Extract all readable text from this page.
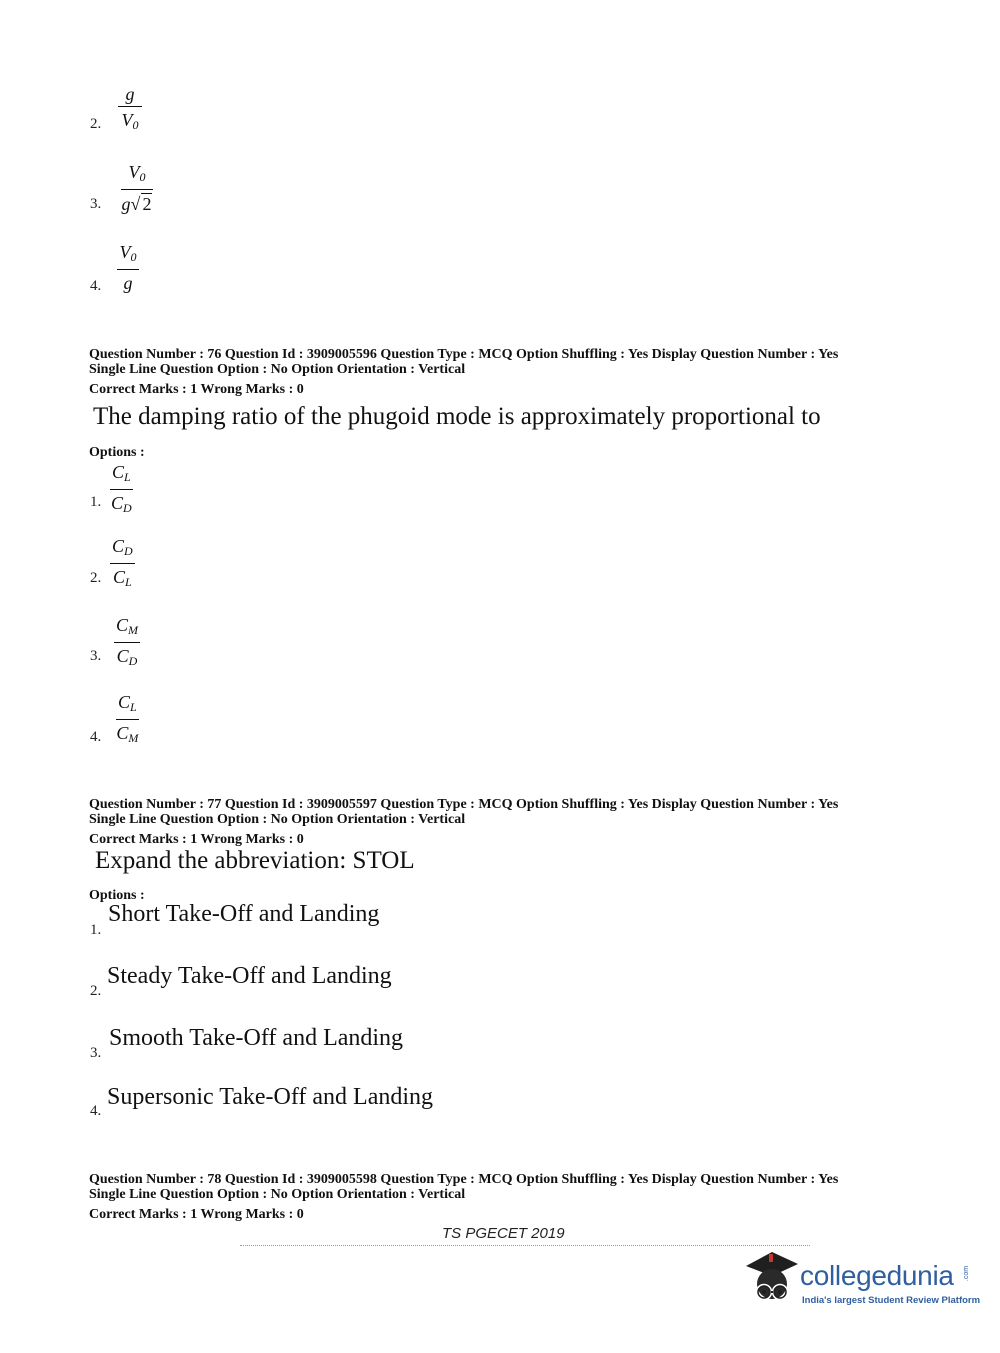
2. $\frac{g}{V_0}$
3. $\frac{V_0}{g√ 2}$
4. $\frac{V_0}{g}$
Question Number : 76 Question Id : 3909005596 Question Type : MCQ Option Shuffling : Yes Display Question Number : Yes
Single Line Question Option : No Option Orientation : Vertical
Correct Marks : 1 Wrong Marks : 0
The damping ratio of the phugoid mode is approximately proportional to
Options :
1. $\frac{C_L}{C_D}$
2. $\frac{C_D}{C_L}$
3. $\frac{C_M}{C_D}$
4. $\frac{C_L}{C_M}$
Question Number : 77 Question Id : 3909005597 Question Type : MCQ Option Shuffling : Yes Display Question Number : Yes
Single Line Question Option : No Option Orientation : Vertical
Correct Marks : 1 Wrong Marks : 0
Expand the abbreviation: STOL
Options :
1.
Short Take-Off and Landing
2.
Steady Take-Off and Landing
3.
Smooth Take-Off and Landing
4.
Supersonic Take-Off and Landing
Question Number : 78 Question Id : 3909005598 Question Type : MCQ Option Shuffling : Yes Display Question Number : Yes
Single Line Question Option : No Option Orientation : Vertical
Correct Marks : 1 Wrong Marks : 0
TS PGECET 2019
collegedunia .com
India's largest Student Review Platform
